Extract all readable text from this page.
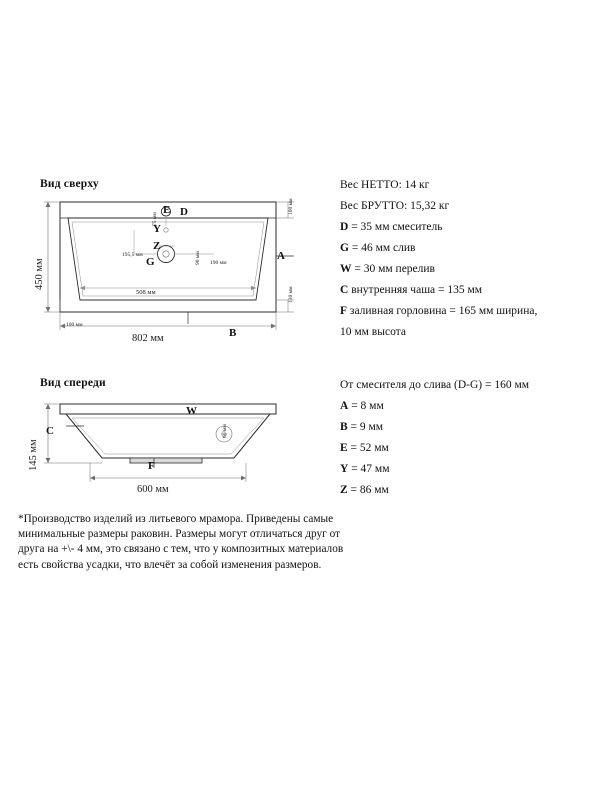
Вид сверху
450 мм
802 мм
508 мм
195,5 мм
190 мм
90 мм
75 мм
100 мм
100 мм
130 мм
E D
Y
Z
G	A
B
Вид спереди
145 мм
600 мм
60 мм
W
C
F
Вес НЕТТО: 14 кг
Вес БРУТТО: 15,32 кг
D = 35 мм смеситель
G = 46 мм слив
W = 30 мм перелив
C внутренняя чаша = 135 мм
F заливная горловина = 165 мм ширина,
10 мм высота
От смесителя до слива (D-G) = 160 мм
A = 8 мм
B = 9 мм
E = 52 мм
Y = 47 мм
Z = 86 мм
*Производство изделий из литьевого мрамора. Приведены самые минимальные размеры раковин. Размеры могут отличаться друг от друга на +\- 4 мм, это связано с тем, что у композитных материалов есть свойства усадки, что влечёт за собой изменения размеров.
